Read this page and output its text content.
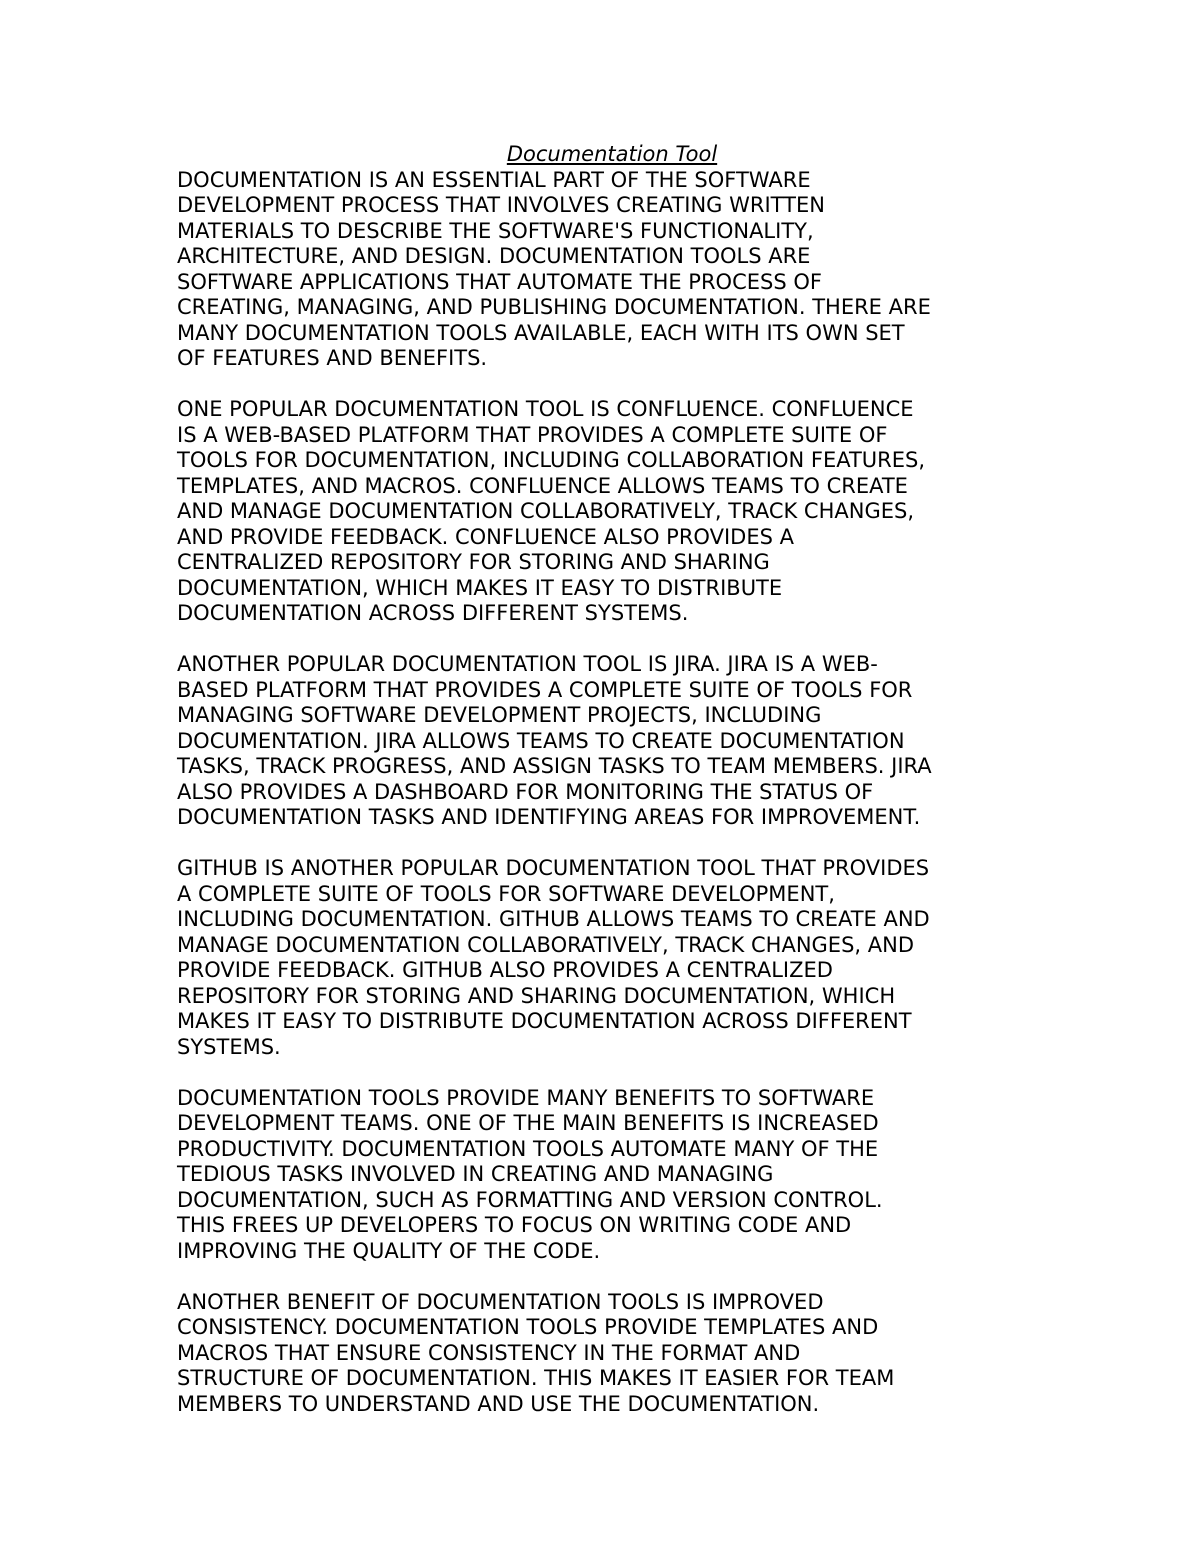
Documentation Tool
DOCUMENTATION IS AN ESSENTIAL PART OF THE SOFTWARE
DEVELOPMENT PROCESS THAT INVOLVES CREATING WRITTEN
MATERIALS TO DESCRIBE THE SOFTWARE'S FUNCTIONALITY,
ARCHITECTURE, AND DESIGN. DOCUMENTATION TOOLS ARE
SOFTWARE APPLICATIONS THAT AUTOMATE THE PROCESS OF
CREATING, MANAGING, AND PUBLISHING DOCUMENTATION. THERE ARE
MANY DOCUMENTATION TOOLS AVAILABLE, EACH WITH ITS OWN SET
OF FEATURES AND BENEFITS.
ONE POPULAR DOCUMENTATION TOOL IS CONFLUENCE. CONFLUENCE
IS A WEB-BASED PLATFORM THAT PROVIDES A COMPLETE SUITE OF
TOOLS FOR DOCUMENTATION, INCLUDING COLLABORATION FEATURES,
TEMPLATES, AND MACROS. CONFLUENCE ALLOWS TEAMS TO CREATE
AND MANAGE DOCUMENTATION COLLABORATIVELY, TRACK CHANGES,
AND PROVIDE FEEDBACK. CONFLUENCE ALSO PROVIDES A
CENTRALIZED REPOSITORY FOR STORING AND SHARING
DOCUMENTATION, WHICH MAKES IT EASY TO DISTRIBUTE
DOCUMENTATION ACROSS DIFFERENT SYSTEMS.
ANOTHER POPULAR DOCUMENTATION TOOL IS JIRA. JIRA IS A WEB-
BASED PLATFORM THAT PROVIDES A COMPLETE SUITE OF TOOLS FOR
MANAGING SOFTWARE DEVELOPMENT PROJECTS, INCLUDING
DOCUMENTATION. JIRA ALLOWS TEAMS TO CREATE DOCUMENTATION
TASKS, TRACK PROGRESS, AND ASSIGN TASKS TO TEAM MEMBERS. JIRA
ALSO PROVIDES A DASHBOARD FOR MONITORING THE STATUS OF
DOCUMENTATION TASKS AND IDENTIFYING AREAS FOR IMPROVEMENT.
GITHUB IS ANOTHER POPULAR DOCUMENTATION TOOL THAT PROVIDES
A COMPLETE SUITE OF TOOLS FOR SOFTWARE DEVELOPMENT,
INCLUDING DOCUMENTATION. GITHUB ALLOWS TEAMS TO CREATE AND
MANAGE DOCUMENTATION COLLABORATIVELY, TRACK CHANGES, AND
PROVIDE FEEDBACK. GITHUB ALSO PROVIDES A CENTRALIZED
REPOSITORY FOR STORING AND SHARING DOCUMENTATION, WHICH
MAKES IT EASY TO DISTRIBUTE DOCUMENTATION ACROSS DIFFERENT
SYSTEMS.
DOCUMENTATION TOOLS PROVIDE MANY BENEFITS TO SOFTWARE
DEVELOPMENT TEAMS. ONE OF THE MAIN BENEFITS IS INCREASED
PRODUCTIVITY. DOCUMENTATION TOOLS AUTOMATE MANY OF THE
TEDIOUS TASKS INVOLVED IN CREATING AND MANAGING
DOCUMENTATION, SUCH AS FORMATTING AND VERSION CONTROL.
THIS FREES UP DEVELOPERS TO FOCUS ON WRITING CODE AND
IMPROVING THE QUALITY OF THE CODE.
ANOTHER BENEFIT OF DOCUMENTATION TOOLS IS IMPROVED
CONSISTENCY. DOCUMENTATION TOOLS PROVIDE TEMPLATES AND
MACROS THAT ENSURE CONSISTENCY IN THE FORMAT AND
STRUCTURE OF DOCUMENTATION. THIS MAKES IT EASIER FOR TEAM
MEMBERS TO UNDERSTAND AND USE THE DOCUMENTATION.
